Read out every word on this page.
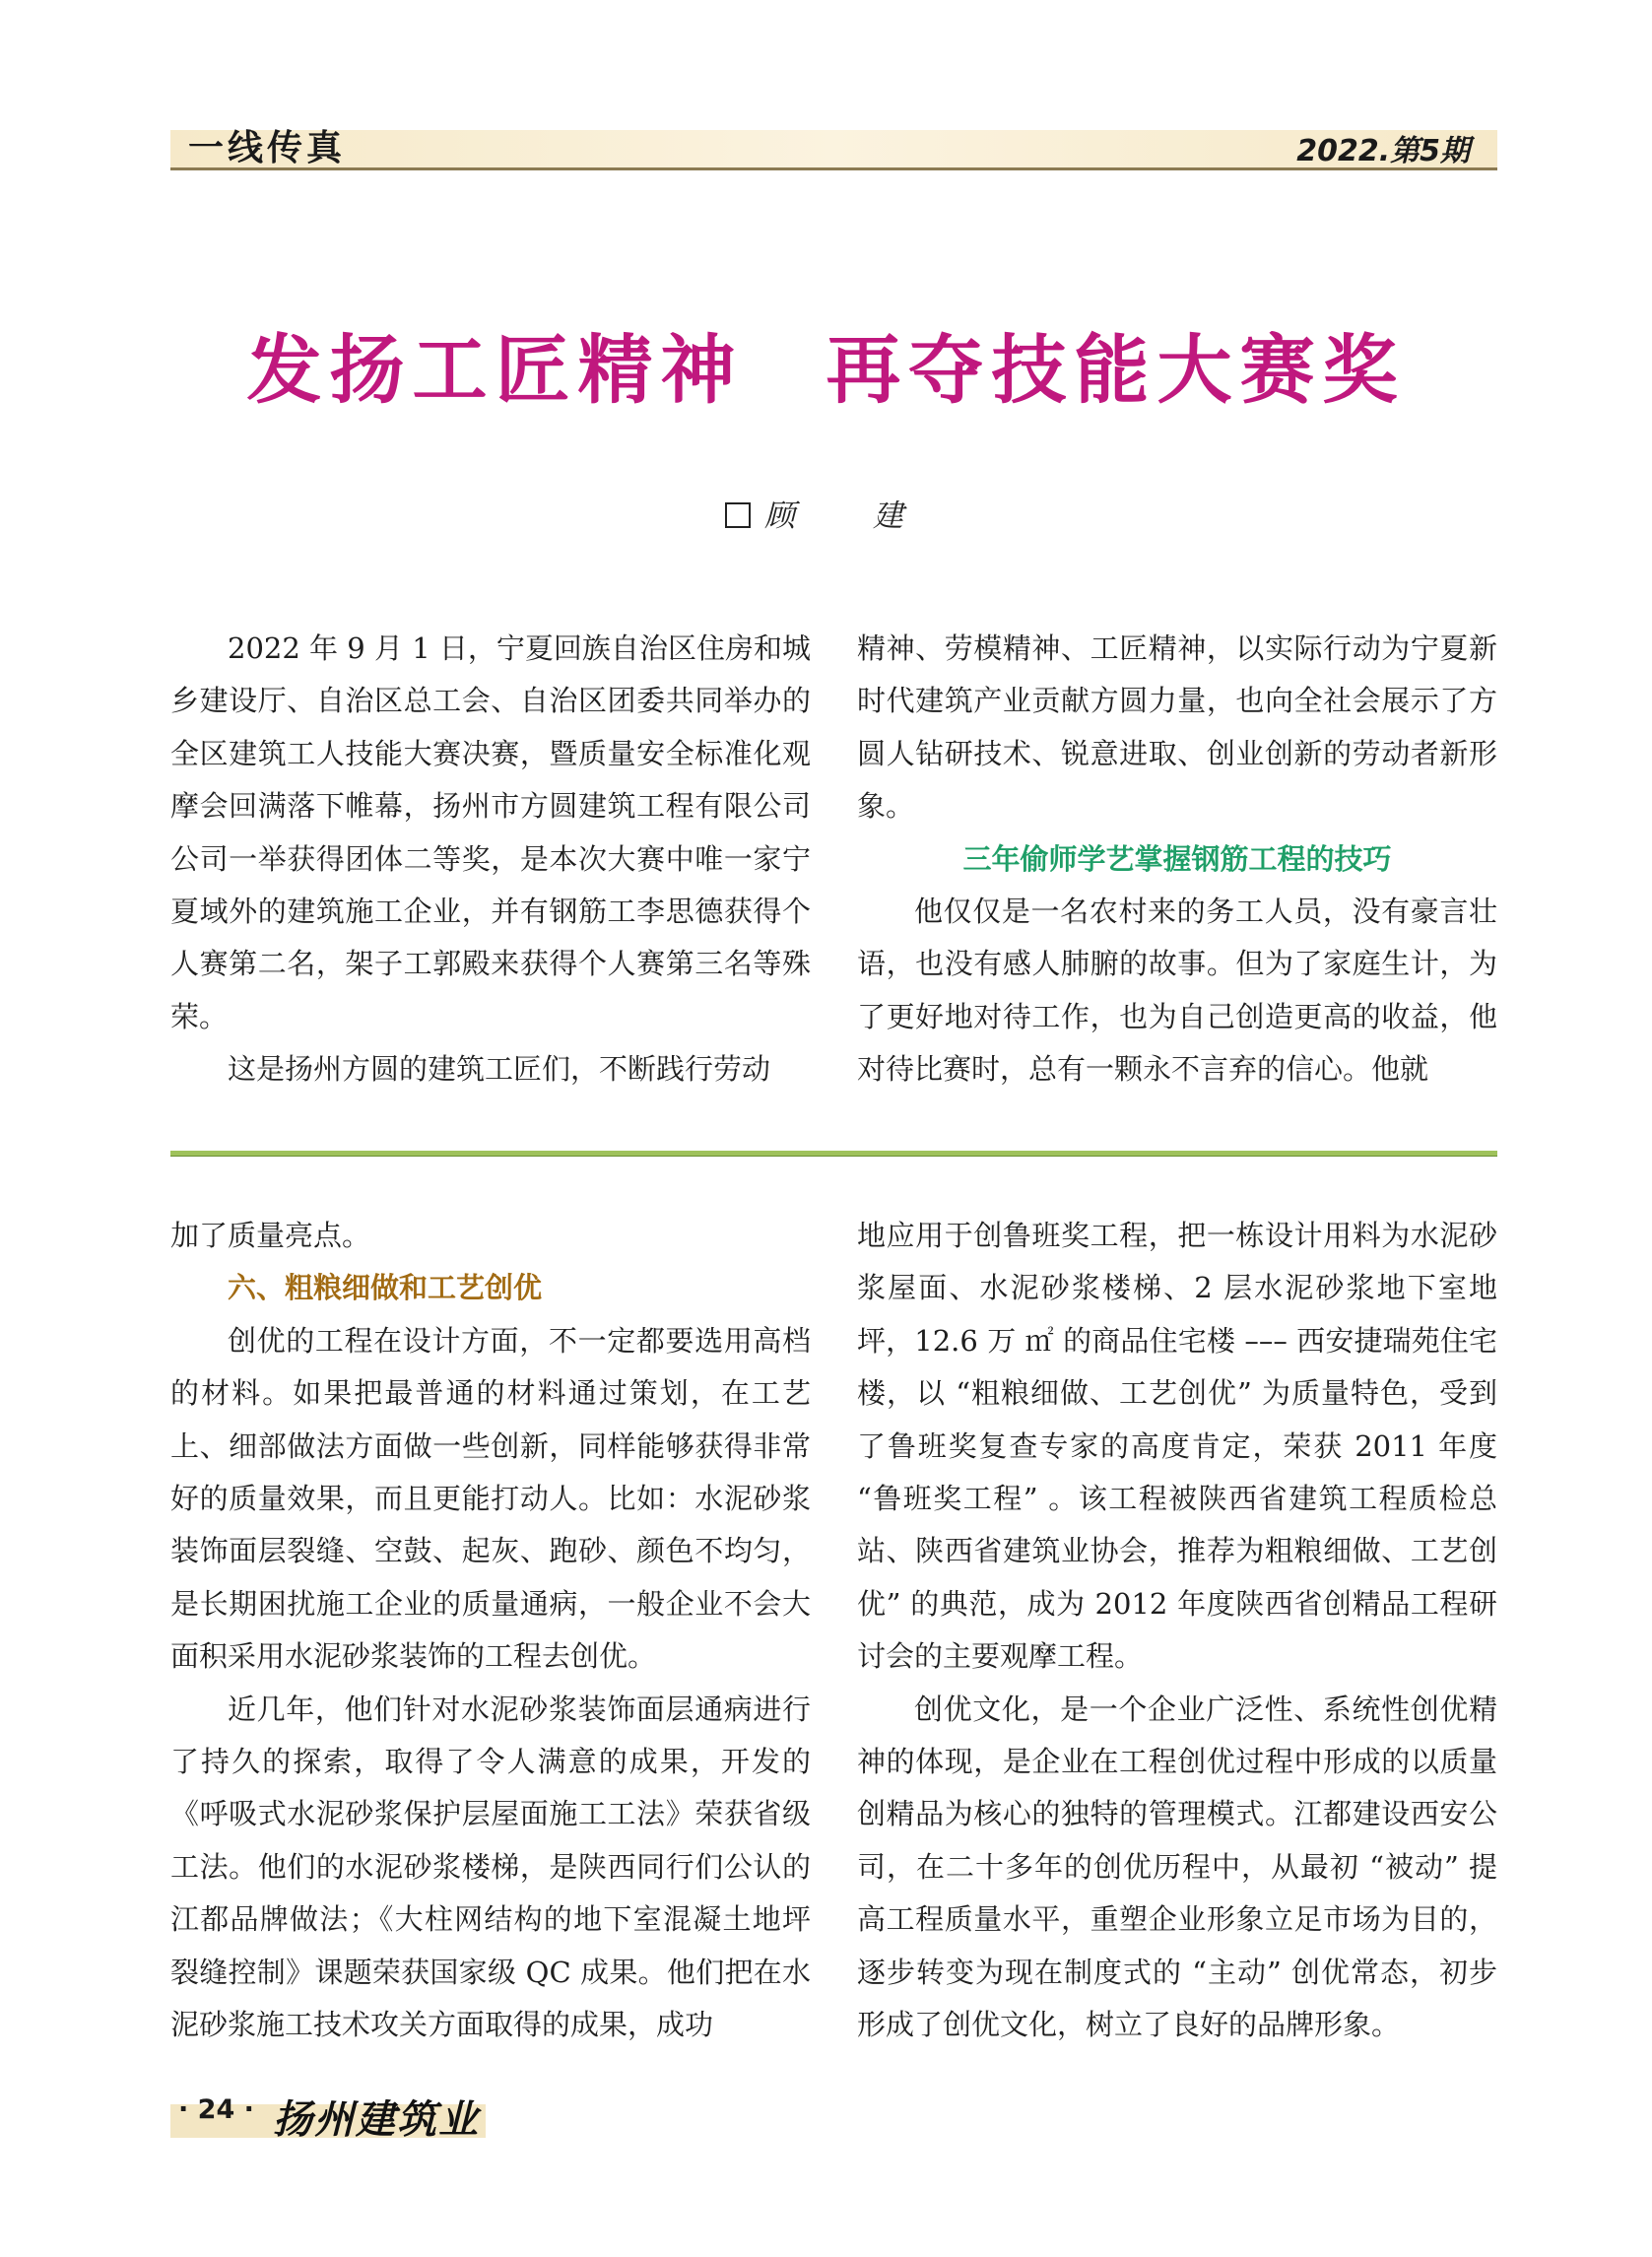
一线传真	2022.第5期
发扬工匠精神　再夺技能大赛奖
顾　建

2022 年 9 月 1 日，宁夏回族自治区住房和城乡建设厅、自治区总工会、自治区团委共同举办的全区建筑工人技能大赛决赛，暨质量安全标准化观摩会回满落下帷幕，扬州市方圆建筑工程有限公司公司一举获得团体二等奖，是本次大赛中唯一家宁夏域外的建筑施工企业，并有钢筋工李思德获得个人赛第二名，架子工郭殿来获得个人赛第三名等殊荣。

这是扬州方圆的建筑工匠们，不断践行劳动

精神、劳模精神、工匠精神，以实际行动为宁夏新时代建筑产业贡献方圆力量，也向全社会展示了方圆人钻研技术、锐意进取、创业创新的劳动者新形象。

三年偷师学艺掌握钢筋工程的技巧

他仅仅是一名农村来的务工人员，没有豪言壮语，也没有感人肺腑的故事。但为了家庭生计，为了更好地对待工作，也为自己创造更高的收益，他对待比赛时，总有一颗永不言弃的信心。他就

加了质量亮点。

六、粗粮细做和工艺创优

创优的工程在设计方面，不一定都要选用高档的材料。如果把最普通的材料通过策划，在工艺上、细部做法方面做一些创新，同样能够获得非常好的质量效果，而且更能打动人。比如：水泥砂浆装饰面层裂缝、空鼓、起灰、跑砂、颜色不均匀，是长期困扰施工企业的质量通病，一般企业不会大面积采用水泥砂浆装饰的工程去创优。

近几年，他们针对水泥砂浆装饰面层通病进行了持久的探索，取得了令人满意的成果，开发的《呼吸式水泥砂浆保护层屋面施工工法》荣获省级工法。他们的水泥砂浆楼梯，是陕西同行们公认的江都品牌做法；《大柱网结构的地下室混凝土地坪裂缝控制》课题荣获国家级 QC 成果。他们把在水泥砂浆施工技术攻关方面取得的成果，成功

地应用于创鲁班奖工程，把一栋设计用料为水泥砂浆屋面、水泥砂浆楼梯、2 层水泥砂浆地下室地坪，12.6 万 ㎡ 的商品住宅楼 ––– 西安捷瑞苑住宅楼，以 “粗粮细做、工艺创优” 为质量特色，受到了鲁班奖复查专家的高度肯定，荣获 2011 年度 “鲁班奖工程” 。该工程被陕西省建筑工程质检总站、陕西省建筑业协会，推荐为粗粮细做、工艺创优” 的典范，成为 2012 年度陕西省创精品工程研讨会的主要观摩工程。

创优文化，是一个企业广泛性、系统性创优精神的体现，是企业在工程创优过程中形成的以质量创精品为核心的独特的管理模式。江都建设西安公司，在二十多年的创优历程中，从最初 “被动” 提高工程质量水平，重塑企业形象立足市场为目的，逐步转变为现在制度式的 “主动” 创优常态，初步形成了创优文化，树立了良好的品牌形象。

· 24 · 扬州建筑业
